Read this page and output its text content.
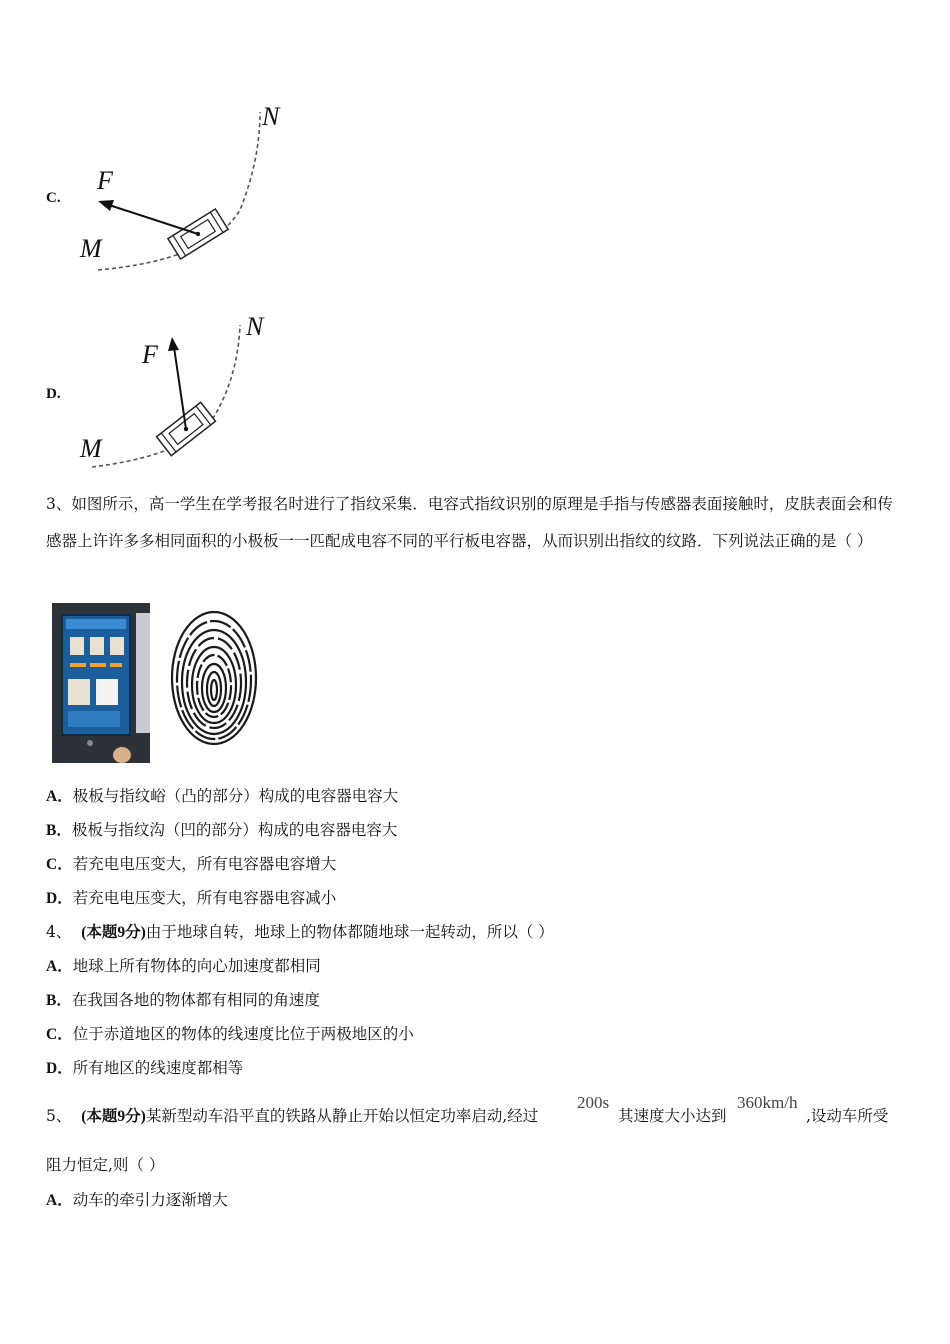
C.
F
M
N
D.
F
M
N
3、如图所示，高一学生在学考报名时进行了指纹采集．电容式指纹识别的原理是手指与传感器表面接触时，皮肤表面会和传感器上许许多多相同面积的小极板一一匹配成电容不同的平行板电容器，从而识别出指纹的纹路．下列说法正确的是（ ）
A．极板与指纹峪（凸的部分）构成的电容器电容大
B．极板与指纹沟（凹的部分）构成的电容器电容大
C．若充电电压变大，所有电容器电容增大
D．若充电电压变大，所有电容器电容减小
4、 (本题9分)由于地球自转，地球上的物体都随地球一起转动，所以（ ）
A．地球上所有物体的向心加速度都相同
B．在我国各地的物体都有相同的角速度
C．位于赤道地区的物体的线速度比位于两极地区的小
D．所有地区的线速度都相等
5、 (本题9分)某新型动车沿平直的铁路从静止开始以恒定功率启动,经过
200s
其速度大小达到
360km/h
,设动车所受
阻力恒定,则（ ）
A．动车的牵引力逐渐增大
